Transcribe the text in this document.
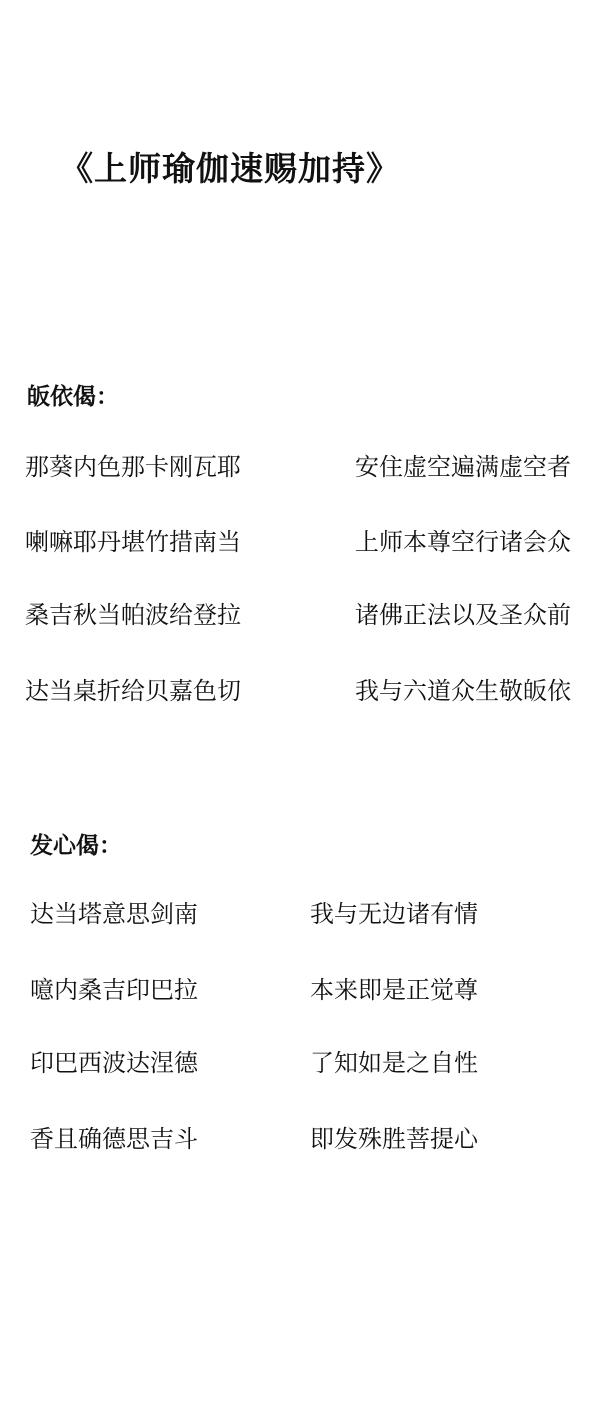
《上师瑜伽速赐加持》
皈依偈：
那葵内色那卡刚瓦耶	安住虚空遍满虚空者
喇嘛耶丹堪竹措南当	上师本尊空行诸会众
桑吉秋当帕波给登拉	诸佛正法以及圣众前
达当桌折给贝嘉色切	我与六道众生敬皈依
发心偈：
达当塔意思剑南	我与无边诸有情
噫内桑吉印巴拉	本来即是正觉尊
印巴西波达涅德	了知如是之自性
香且确德思吉斗	即发殊胜菩提心
